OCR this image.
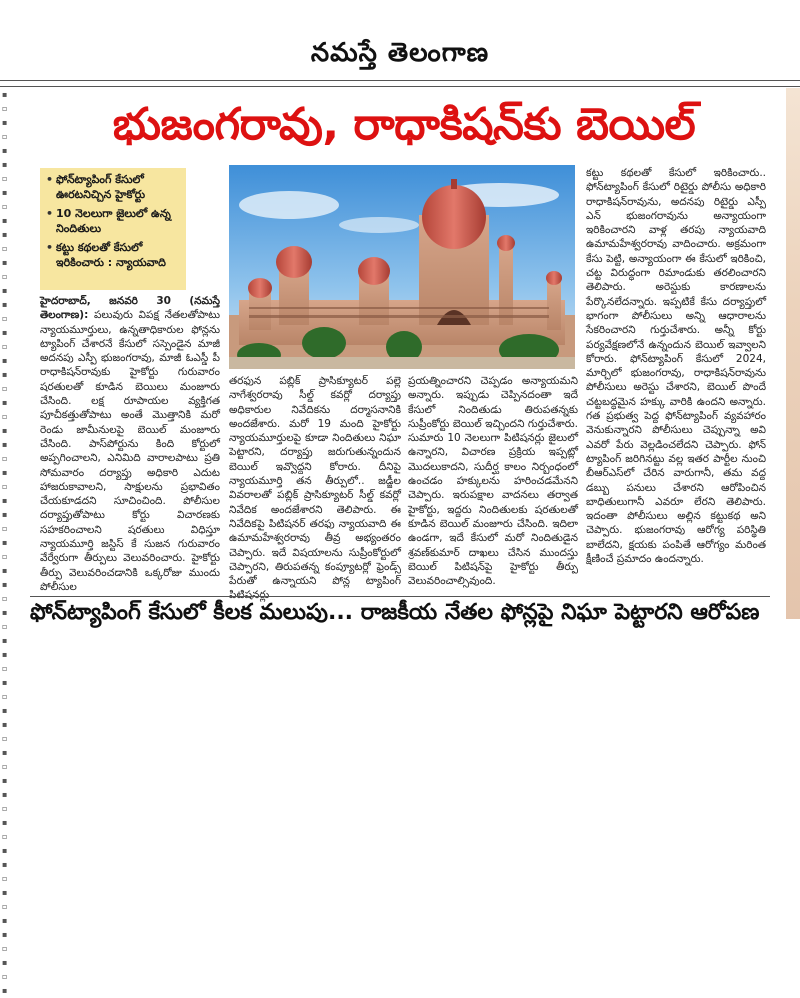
నమస్తే తెలంగాణ
▪▫▪▫▪▪▫▪▫▪▪▫▪▫▪▪▫▪▫▪▪▫▪▫▪▪▫▪▫▪▪▫▪▫▪▪▫▪▫▪▪▫▪▫▪▪▫▪▫▪▪▫▪▫▪▪▫▪▫▪▪▫▪▫▪
భుజంగరావు, రాధాకిషన్‌కు బెయిల్
• ఫోన్‌ట్యాపింగ్ కేసులో ఊరటనిచ్చిన హైకోర్టు
• 10 నెలలుగా జైలులో ఉన్న నిందితులు
• కట్టు కథలతో కేసులో ఇరికించారు : న్యాయవాది
హైదరాబాద్, జనవరి 30 (నమస్తే తెలంగాణ): పలువురు విపక్ష నేతలతోపాటు న్యాయమూర్తులు, ఉన్నతాధికారుల ఫోన్లను ట్యాపింగ్ చేశారనే కేసులో సస్పెండైన మాజీ అదనపు ఎస్పీ భుజంగరావు, మాజీ ఓఎస్డీ పీ రాధాకిషన్‌రావుకు హైకోర్టు గురువారం షరతులతో కూడిన బెయిలు మంజూరు చేసింది. లక్ష రూపాయల వ్యక్తిగత పూచీకత్తుతోపాటు అంతే మొత్తానికి మరో రెండు జామీనులపై బెయిల్ మంజూరు చేసింది. పాస్‌పోర్టును కింది కోర్టులో అప్పగించాలని, ఎనిమిది వారాలపాటు ప్రతి సోమవారం దర్యాప్తు అధికారి ఎదుట హాజరుకావాలని, సాక్షులను ప్రభావితం చేయకూడదని సూచించింది. పోలీసుల దర్యాప్తుతోపాటు కోర్టు విచారణకు సహకరించాలని షరతులు విధిస్తూ న్యాయమూర్తి జస్టిస్ కే సుజన గురువారం వేర్వేరుగా తీర్పులు వెలువరించారు. హైకోర్టు తీర్పు వెలువరించడానికి ఒక్కరోజు ముందు పోలీసుల
తరఫున పబ్లిక్ ప్రాసిక్యూటర్ పల్లె నాగేశ్వరరావు సీల్డ్ కవర్లో దర్యాప్తు అధికారుల నివేదికను దర్మాసనానికి అందజేశారు. మరో 19 మంది హైకోర్టు న్యాయమూర్తులపై కూడా నిందితులు నిఘా పెట్టారని, దర్యాప్తు జరుగుతున్నందున బెయిల్ ఇవ్వొద్దని కోరారు. దీనిపై న్యాయమూర్తి తన తీర్పులో.. జడ్జీల వివరాలతో పబ్లిక్ ప్రాసిక్యూటర్ సీల్డ్ కవర్లో నివేదిక అందజేశారని తెలిపారు. ఈ నివేదికపై పిటిషనర్ తరఫు న్యాయవాది ఈ ఉమామహేశ్వరరావు తీవ్ర అభ్యంతరం చెప్పారు. ఇదే విషయాలను సుప్రీంకోర్టులో చెప్పారని, తిరుపతన్న కంప్యూటర్లో ఫ్రెండ్స్ పేరుతో ఉన్నాయని పోన్ల ట్యాపింగ్
ప్రయత్నించారని చెప్పడం అన్యాయమని అన్నారు. ఇప్పుడు చెప్పినదంతా ఇదే కేసులో నిందితుడు తిరుపతన్నకు సుప్రీంకోర్టు బెయిల్ ఇచ్చిందని గుర్తుచేశారు. సుమారు 10 నెలలుగా పిటిషనర్లు జైలులో ఉన్నారని, విచారణ ప్రక్రియ ఇప్పట్లో మొదలుకాదని, సుదీర్ఘ కాలం నిర్బంధంలో ఉంచడం హక్కులను హరించడమేనని చెప్పారు. ఇరుపక్షాల వాదనలు తర్వాత హైకోర్టు, ఇద్దరు నిందితులకు షరతులతో కూడిన బెయిల్ మంజూరు చేసింది. ఇదిలా ఉండగా, ఇదే కేసులో మరో నిందితుడైన శ్రవణ్‌కుమార్ దాఖలు చేసిన ముందస్తు బెయిల్ పిటిషన్‌పై హైకోర్టు తీర్పు వెలువరించాల్సివుంది.
కట్టు కథలతో కేసులో ఇరికించారు.. ఫోన్‌ట్యాపింగ్ కేసులో రిటైర్డు పోలీసు అధికారి రాధాకిషన్‌రావును, అదనపు రిటైర్డు ఎస్పీ ఎన్ భుజంగరావును అన్యాయంగా ఇరికించారని వాళ్ల తరపు న్యాయవాది ఉమామహేశ్వరరావు వాదించారు. అక్రమంగా కేసు పెట్టి, అన్యాయంగా ఈ కేసులో ఇరికించి, చట్ట విరుద్ధంగా రిమాండుకు తరలించారని తెలిపారు. అరెస్టుకు కారణాలను పేర్కొనలేదన్నారు. ఇప్పటికే కేసు దర్యాప్తులో భాగంగా పోలీసులు అన్ని ఆధారాలను సేకరించారని గుర్తుచేశారు. అన్నీ కోర్టు పర్యవేక్షణలోనే ఉన్నందున బెయిల్ ఇవ్వాలని కోరారు. ఫోన్‌ట్యాపింగ్ కేసులో 2024, మార్చిలో భుజంగరావు, రాధాకిషన్‌రావును పోలీసులు అరెస్టు చేశారని, బెయిల్ పొందే చట్టబద్ధమైన హక్కు వారికి ఉందని అన్నారు. గత ప్రభుత్వ పెద్ద ఫోన్‌ట్యాపింగ్ వ్యవహారం వెనుకున్నారని పోలీసులు చెప్పున్నా అవి ఎవరో పేరు వెల్లడించలేదని చెప్పారు. ఫోన్ ట్యాపింగ్ జరిగినట్టు వల్ల ఇతర పార్టీల నుంచి బీఆర్‌ఎస్‌లో చేరిన వారుగానీ, తమ వద్ద డబ్బు పనులు చేశారని ఆరోపించిన బాధితులుగానీ ఎవరూ లేరని తెలిపారు. ఇదంతా పోలీసులు అల్లిన కట్టుకథ అని చెప్పారు. భుజంగరావు ఆరోగ్య పరిస్థితి బాలేదని, క్షయకు పంపితే ఆరోగ్యం మరింత క్షీణించే ప్రమాదం ఉందన్నారు.
ఫోన్‌ట్యాపింగ్ కేసులో కీలక మలుపు... రాజకీయ నేతల ఫోన్లపై నిఘా పెట్టారని ఆరోపణ
